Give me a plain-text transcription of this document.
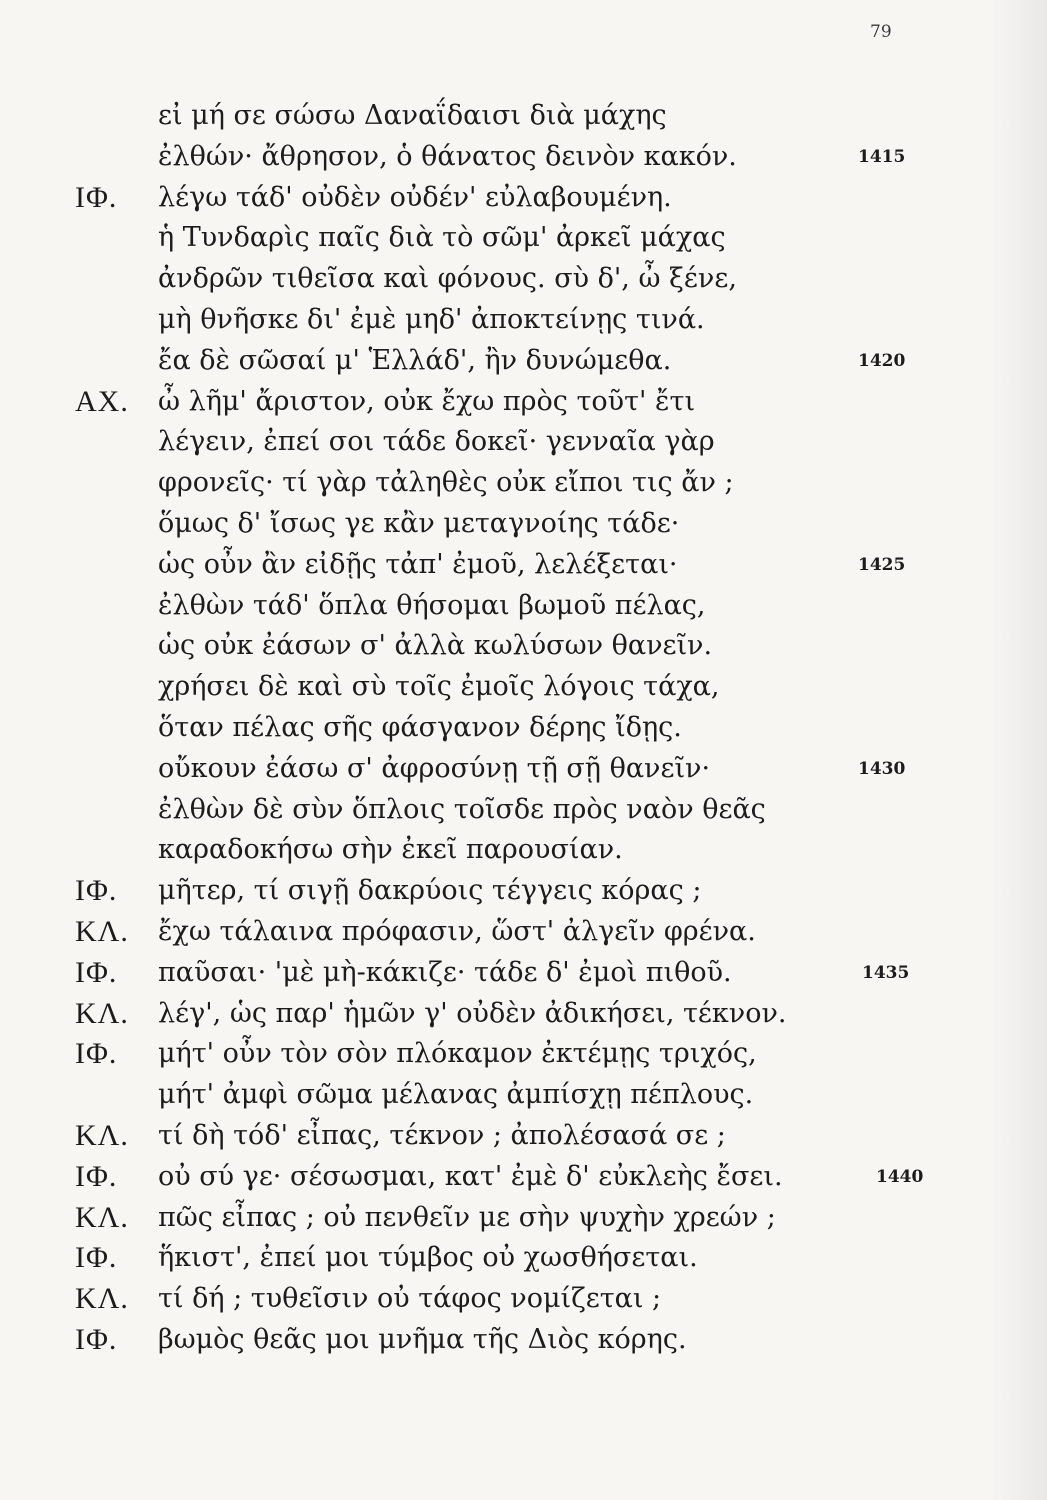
79
εἰ μή σε σώσω Δαναΐδαισι διὰ μάχης
ἐλθών· ἄθρησον, ὁ θάνατος δεινὸν κακόν.	1415
ΙΦ. λέγω τάδ' οὐδὲν οὐδέν' εὐλαβουμένη.
ἡ Τυνδαρὶς παῖς διὰ τὸ σῶμ' ἀρκεῖ μάχας
ἀνδρῶν τιθεῖσα καὶ φόνους. σὺ δ', ὦ ξένε,
μὴ θνῆσκε δι' ἐμὲ μηδ' ἀποκτείνῃς τινά.
ἔα δὲ σῶσαί μ' Ἑλλάδ', ἢν δυνώμεθα.	1420
ΑΧ. ὦ λῆμ' ἄριστον, οὐκ ἔχω πρὸς τοῦτ' ἔτι
λέγειν, ἐπεί σοι τάδε δοκεῖ· γενναῖα γὰρ
φρονεῖς· τί γὰρ τἀληθὲς οὐκ εἴποι τις ἄν ;
ὅμως δ' ἴσως γε κἂν μεταγνοίης τάδε·
ὡς οὖν ἂν εἰδῇς τἀπ' ἐμοῦ, λελέξεται·	1425
ἐλθὼν τάδ' ὅπλα θήσομαι βωμοῦ πέλας,
ὡς οὐκ ἐάσων σ' ἀλλὰ κωλύσων θανεῖν.
χρήσει δὲ καὶ σὺ τοῖς ἐμοῖς λόγοις τάχα,
ὅταν πέλας σῆς φάσγανον δέρης ἴδῃς.
οὔκουν ἐάσω σ' ἀφροσύνῃ τῇ σῇ θανεῖν·	1430
ἐλθὼν δὲ σὺν ὅπλοις τοῖσδε πρὸς ναὸν θεᾶς
καραδοκήσω σὴν ἐκεῖ παρουσίαν.
ΙΦ. μῆτερ, τί σιγῇ δακρύοις τέγγεις κόρας ;
ΚΛ. ἔχω τάλαινα πρόφασιν, ὥστ' ἀλγεῖν φρένα.
ΙΦ. παῦσαι· 'μὲ μὴ-κάκιζε· τάδε δ' ἐμοὶ πιθοῦ.	1435
ΚΛ. λέγ', ὡς παρ' ἡμῶν γ' οὐδὲν ἀδικήσει, τέκνον.
ΙΦ. μήτ' οὖν τὸν σὸν πλόκαμον ἐκτέμῃς τριχός,
μήτ' ἀμφὶ σῶμα μέλανας ἀμπίσχῃ πέπλους.
ΚΛ. τί δὴ τόδ' εἶπας, τέκνον ; ἀπολέσασά σε ;
ΙΦ. οὐ σύ γε· σέσωσμαι, κατ' ἐμὲ δ' εὐκλεὴς ἔσει.	1440
ΚΛ. πῶς εἶπας ; οὐ πενθεῖν με σὴν ψυχὴν χρεών ;
ΙΦ. ἥκιστ', ἐπεί μοι τύμβος οὐ χωσθήσεται.
ΚΛ. τί δή ; τυθεῖσιν οὐ τάφος νομίζεται ;
ΙΦ. βωμὸς θεᾶς μοι μνῆμα τῆς Διὸς κόρης.
